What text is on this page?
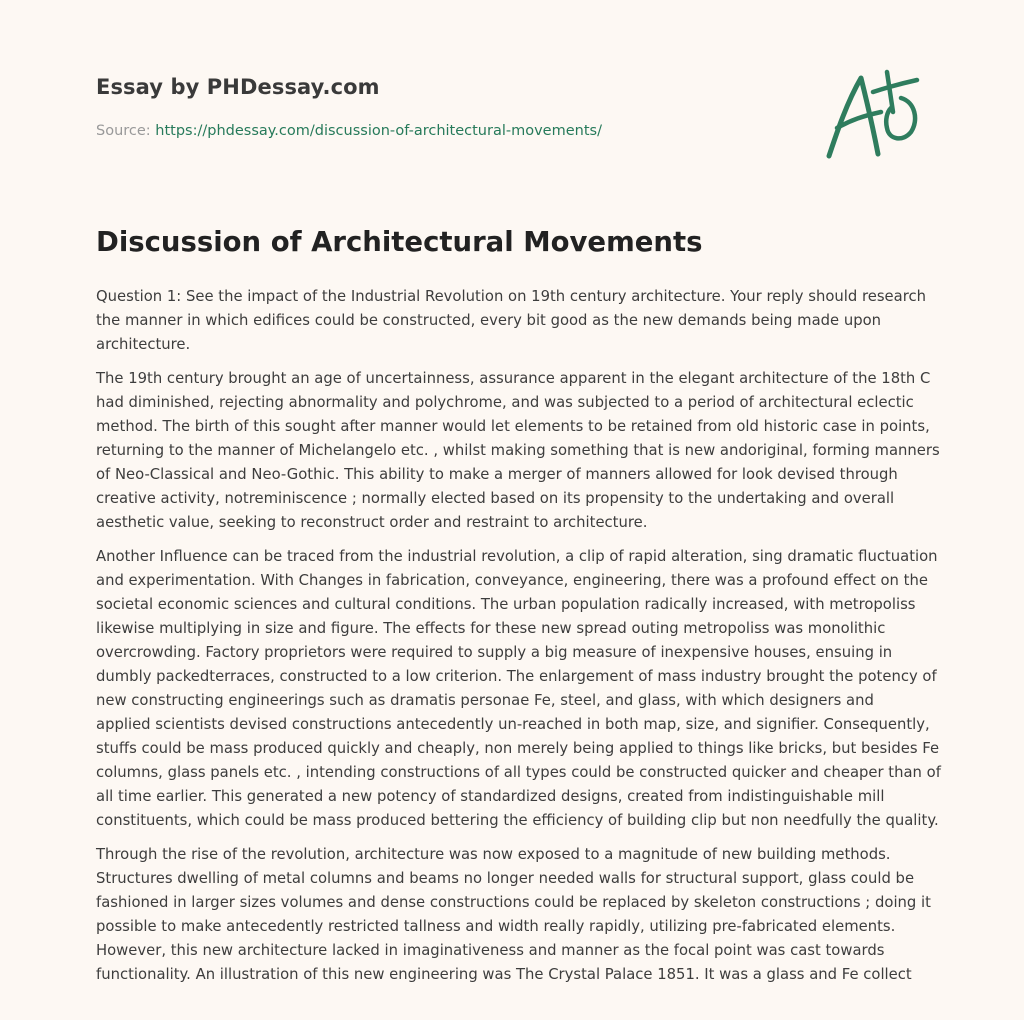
Essay by PHDessay.com
Source: https://phdessay.com/discussion-of-architectural-movements/
Discussion of Architectural Movements

Question 1: See the impact of the Industrial Revolution on 19th century architecture. Your reply should research
the manner in which edifices could be constructed, every bit good as the new demands being made upon
architecture.

The 19th century brought an age of uncertainness, assurance apparent in the elegant architecture of the 18th C
had diminished, rejecting abnormality and polychrome, and was subjected to a period of architectural eclectic
method. The birth of this sought after manner would let elements to be retained from old historic case in points,
returning to the manner of Michelangelo etc. , whilst making something that is new andoriginal, forming manners
of Neo-Classical and Neo-Gothic. This ability to make a merger of manners allowed for look devised through
creative activity, notreminiscence ; normally elected based on its propensity to the undertaking and overall
aesthetic value, seeking to reconstruct order and restraint to architecture.

Another Influence can be traced from the industrial revolution, a clip of rapid alteration, sing dramatic fluctuation
and experimentation. With Changes in fabrication, conveyance, engineering, there was a profound effect on the
societal economic sciences and cultural conditions. The urban population radically increased, with metropoliss
likewise multiplying in size and figure. The effects for these new spread outing metropoliss was monolithic
overcrowding. Factory proprietors were required to supply a big measure of inexpensive houses, ensuing in
dumbly packedterraces, constructed to a low criterion. The enlargement of mass industry brought the potency of
new constructing engineerings such as dramatis personae Fe, steel, and glass, with which designers and
applied scientists devised constructions antecedently un-reached in both map, size, and signifier. Consequently,
stuffs could be mass produced quickly and cheaply, non merely being applied to things like bricks, but besides Fe
columns, glass panels etc. , intending constructions of all types could be constructed quicker and cheaper than of
all time earlier. This generated a new potency of standardized designs, created from indistinguishable mill
constituents, which could be mass produced bettering the efficiency of building clip but non needfully the quality.

Through the rise of the revolution, architecture was now exposed to a magnitude of new building methods.
Structures dwelling of metal columns and beams no longer needed walls for structural support, glass could be
fashioned in larger sizes volumes and dense constructions could be replaced by skeleton constructions ; doing it
possible to make antecedently restricted tallness and width really rapidly, utilizing pre-fabricated elements.
However, this new architecture lacked in imaginativeness and manner as the focal point was cast towards
functionality. An illustration of this new engineering was The Crystal Palace 1851. It was a glass and Fe collect
